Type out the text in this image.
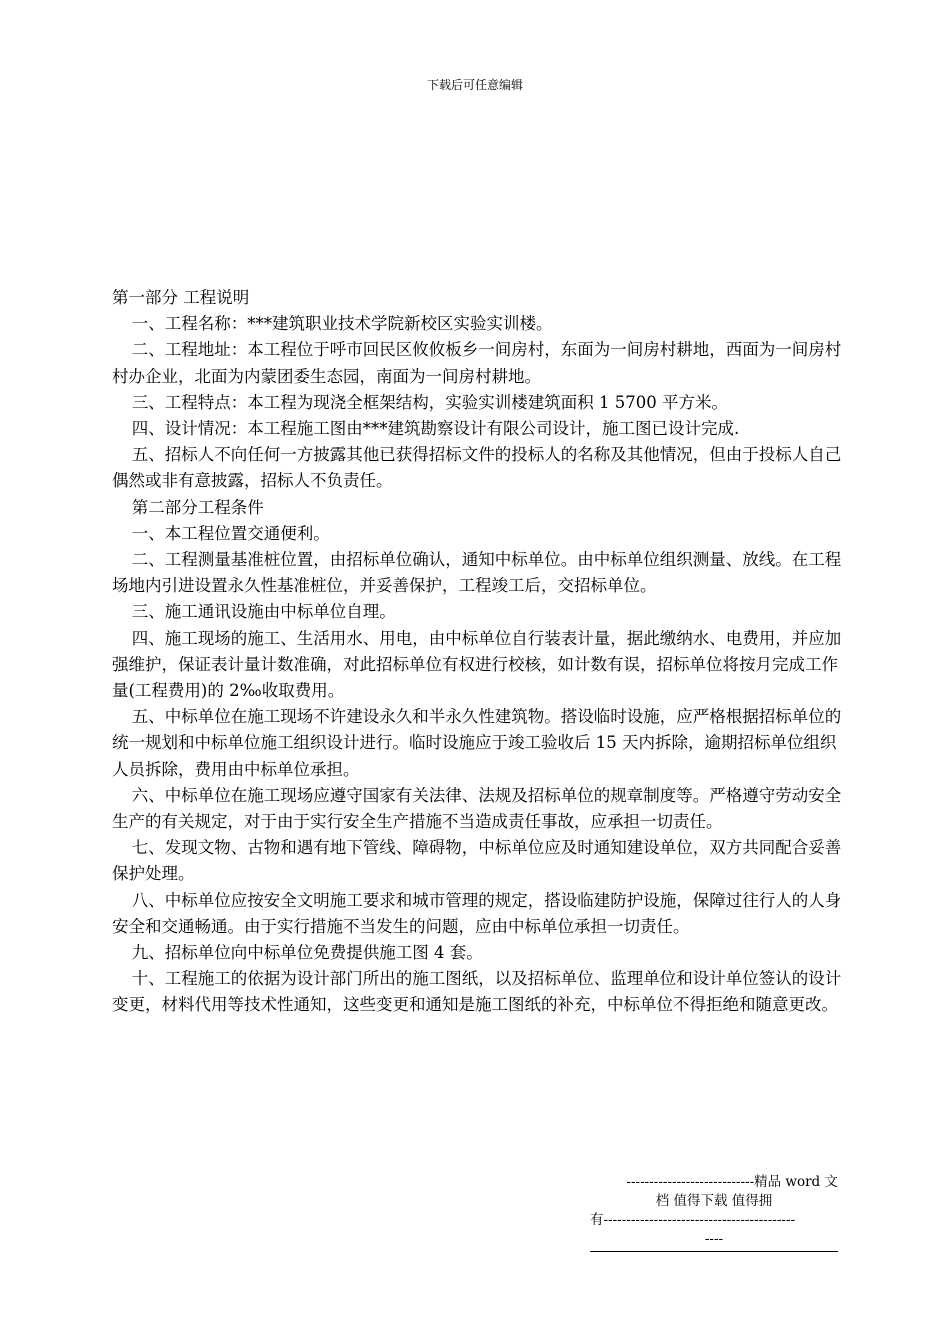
下载后可任意编辑

第一部分 工程说明

一、工程名称：***建筑职业技术学院新校区实验实训楼。

二、工程地址：本工程位于呼市回民区攸攸板乡一间房村，东面为一间房村耕地，西面为一间房村村办企业，北面为内蒙团委生态园，南面为一间房村耕地。

三、工程特点：本工程为现浇全框架结构，实验实训楼建筑面积 1 5700 平方米。

四、设计情况：本工程施工图由***建筑勘察设计有限公司设计，施工图已设计完成.

五、招标人不向任何一方披露其他已获得招标文件的投标人的名称及其他情况，但由于投标人自己偶然或非有意披露，招标人不负责任。

第二部分工程条件

一、本工程位置交通便利。

二、工程测量基准桩位置，由招标单位确认，通知中标单位。由中标单位组织测量、放线。在工程场地内引进设置永久性基准桩位，并妥善保护，工程竣工后，交招标单位。

三、施工通讯设施由中标单位自理。

四、施工现场的施工、生活用水、用电，由中标单位自行装表计量，据此缴纳水、电费用，并应加强维护，保证表计量计数准确，对此招标单位有权进行校核，如计数有误，招标单位将按月完成工作量(工程费用)的 2‰收取费用。

五、中标单位在施工现场不许建设永久和半永久性建筑物。搭设临时设施，应严格根据招标单位的统一规划和中标单位施工组织设计进行。临时设施应于竣工验收后 15 天内拆除，逾期招标单位组织人员拆除，费用由中标单位承担。

六、中标单位在施工现场应遵守国家有关法律、法规及招标单位的规章制度等。严格遵守劳动安全生产的有关规定，对于由于实行安全生产措施不当造成责任事故，应承担一切责任。

七、发现文物、古物和遇有地下管线、障碍物，中标单位应及时通知建设单位，双方共同配合妥善保护处理。

八、中标单位应按安全文明施工要求和城市管理的规定，搭设临建防护设施，保障过往行人的人身安全和交通畅通。由于实行措施不当发生的问题，应由中标单位承担一切责任。

九、招标单位向中标单位免费提供施工图 4 套。

十、工程施工的依据为设计部门所出的施工图纸，以及招标单位、监理单位和设计单位签认的设计变更，材料代用等技术性通知，这些变更和通知是施工图纸的补充，中标单位不得拒绝和随意更改。

----------------------------精品 word 文
档 值得下载 值得拥
有------------------------------------------
----
